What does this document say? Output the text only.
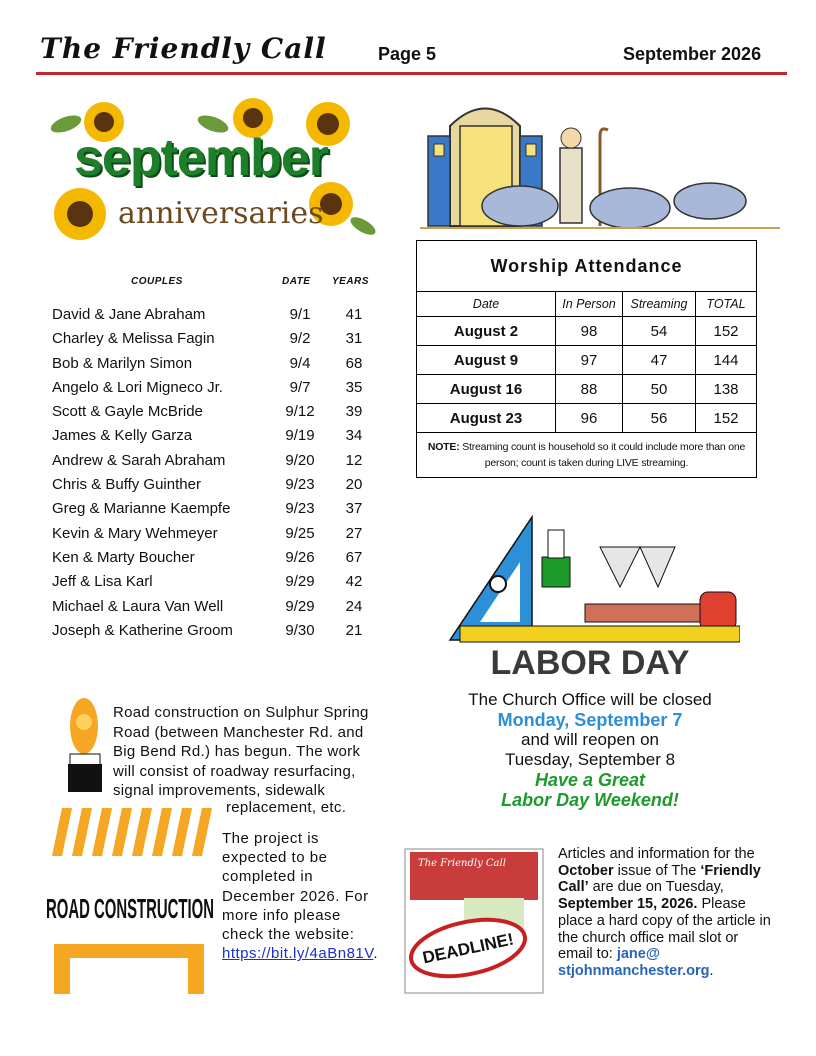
The Friendly Call	Page 5	September 2026
september
anniversaries
COUPLES	DATE YEARS
David & Jane Abraham	9/1	41
Charley & Melissa Fagin	9/2	31
Bob & Marilyn Simon	9/4	68
Angelo & Lori Migneco Jr.	9/7	35
Scott & Gayle McBride	9/12	39
James & Kelly Garza	9/19	34
Andrew & Sarah Abraham	9/20	12
Chris & Buffy Guinther	9/23	20
Greg & Marianne Kaempfe	9/23	37
Kevin & Mary Wehmeyer	9/25	27
Ken & Marty Boucher	9/26	67
Jeff & Lisa Karl	9/29	42
Michael & Laura Van Well	9/29	24
Joseph & Katherine Groom	9/30	21
Worship Attendance
Date	In Person	Streaming	TOTAL
August 2	98	54	152
August 9	97	47	144
August 16	88	50	138
August 23	96	56	152
NOTE: Streaming count is household so it could include more than one person; count is taken during LIVE streaming.
LABOR DAY
The Church Office will be closed
Monday, September 7
and will reopen on
Tuesday, September 8
Have a Great
Labor Day Weekend!
ROAD CONSTRUCTION
Road construction on Sulphur Spring Road (between Manchester Rd. and Big Bend Rd.) has begun. The work will consist of roadway resurfacing, signal improvements, sidewalk
replacement, etc.
The project is expected to be completed in December 2026. For more info please check the website: https://bit.ly/4aBn81V.
The Friendly Call
DEADLINE!
Articles and information for the October issue of The ‘Friendly Call’ are due on Tuesday, September 15, 2026. Please place a hard copy of the article in the church office mail slot or email to: jane@ stjohnmanchester.org.
